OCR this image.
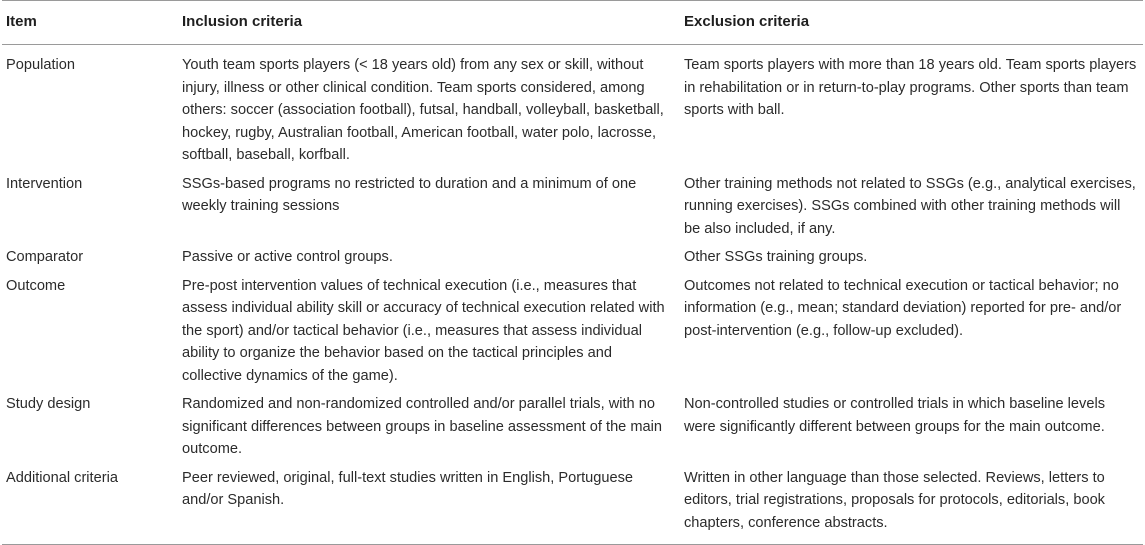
Item	Inclusion criteria	Exclusion criteria
Population	Youth team sports players (< 18 years old) from any sex or skill, without injury, illness or other clinical condition. Team sports considered, among others: soccer (association football), futsal, handball, volleyball, basketball, hockey, rugby, Australian football, American football, water polo, lacrosse, softball, baseball, korfball.	Team sports players with more than 18 years old. Team sports players in rehabilitation or in return-to-play programs. Other sports than team sports with ball.
Intervention	SSGs-based programs no restricted to duration and a minimum of one weekly training sessions	Other training methods not related to SSGs (e.g., analytical exercises, running exercises). SSGs combined with other training methods will be also included, if any.
Comparator	Passive or active control groups.	Other SSGs training groups.
Outcome	Pre-post intervention values of technical execution (i.e., measures that assess individual ability skill or accuracy of technical execution related with the sport) and/or tactical behavior (i.e., measures that assess individual ability to organize the behavior based on the tactical principles and collective dynamics of the game).	Outcomes not related to technical execution or tactical behavior; no information (e.g., mean; standard deviation) reported for pre- and/or post-intervention (e.g., follow-up excluded).
Study design	Randomized and non-randomized controlled and/or parallel trials, with no significant differences between groups in baseline assessment of the main outcome.	Non-controlled studies or controlled trials in which baseline levels were significantly different between groups for the main outcome.
Additional criteria	Peer reviewed, original, full-text studies written in English, Portuguese and/or Spanish.	Written in other language than those selected. Reviews, letters to editors, trial registrations, proposals for protocols, editorials, book chapters, conference abstracts.
